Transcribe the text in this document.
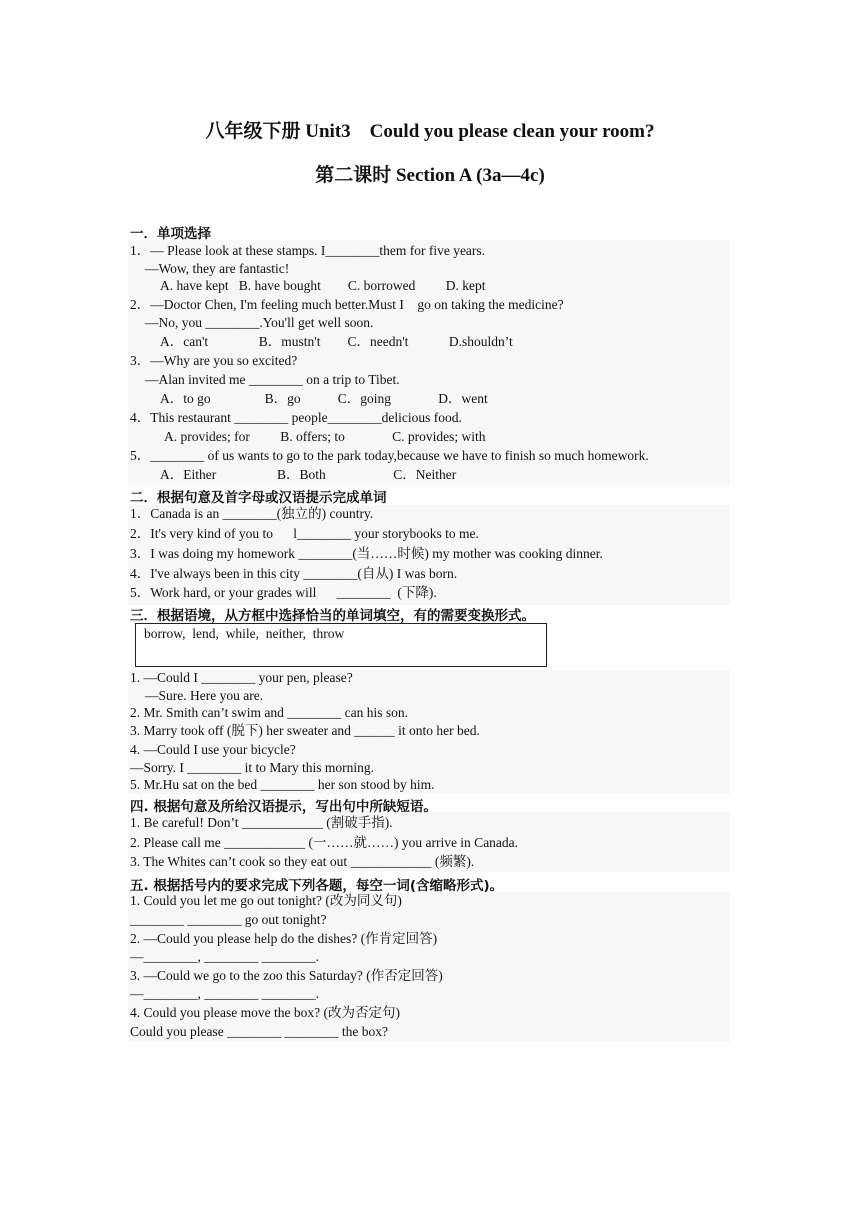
八年级下册 Unit3    Could you please clean your room?
第二课时 Section A (3a—4c)
一．单项选择
1．— Please look at these stamps. I________them for five years.
—Wow, they are fantastic!
A. have kept   B. have bought        C. borrowed         D. kept
2．—Doctor Chen, I'm feeling much better.Must I    go on taking the medicine?
—No, you ________.You'll get well soon.
A．can't               B．mustn't        C．needn't            D.shouldn’t
3．—Why are you so excited?
—Alan invited me ________ on a trip to Tibet.
A．to go                B．go           C．going              D．went
4．This restaurant ________ people________delicious food.
A. provides; for         B. offers; to              C. provides; with
5．________ of us wants to go to the park today,because we have to finish so much homework.
A．Either                  B．Both                    C．Neither
二．根据句意及首字母或汉语提示完成单词
1．Canada is an ________(独立的) country.
2．It's very kind of you to      l________ your storybooks to me.
3．I was doing my homework ________(当……时候) my mother was cooking dinner.
4．I've always been in this city ________(自从) I was born.
5．Work hard, or your grades will      ________  (下降).
三．根据语境，从方框中选择恰当的单词填空，有的需要变换形式。
borrow,  lend,  while,  neither,  throw
1. —Could I ________ your pen, please?
—Sure. Here you are.
2. Mr. Smith can’t swim and ________ can his son.
3. Marry took off (脱下) her sweater and ______ it onto her bed.
4. —Could I use your bicycle?
—Sorry. I ________ it to Mary this morning.
5. Mr.Hu sat on the bed ________ her son stood by him.
四. 根据句意及所给汉语提示，写出句中所缺短语。
1. Be careful! Don’t ____________ (割破手指).
2. Please call me ____________ (一……就……) you arrive in Canada.
3. The Whites can’t cook so they eat out ____________ (频繁).
五. 根据括号内的要求完成下列各题，每空一词(含缩略形式)。
1. Could you let me go out tonight? (改为同义句)
________ ________ go out tonight?
2. —Could you please help do the dishes? (作肯定回答)
—________, ________ ________.
3. —Could we go to the zoo this Saturday? (作否定回答)
—________, ________ ________.
4. Could you please move the box? (改为否定句)
Could you please ________ ________ the box?
